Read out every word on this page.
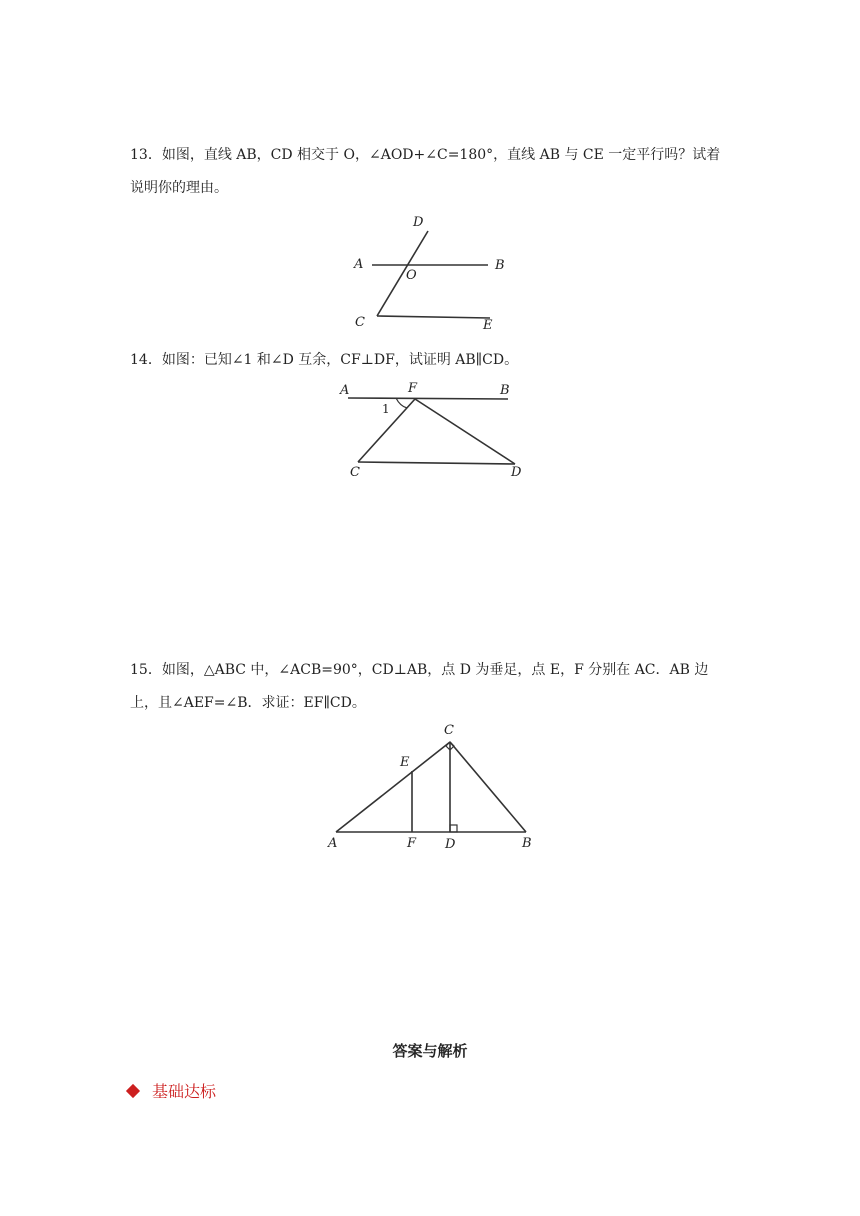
13．如图，直线 AB，CD 相交于 O，∠AOD+∠C=180°，直线 AB 与 CE 一定平行吗？试着
说明你的理由。
D
A
O
B
C	E
14．如图：已知∠1 和∠D 互余，CF⊥DF，试证明 AB∥CD。
A	F	B
1
C	D
15．如图，△ABC 中，∠ACB=90°，CD⊥AB，点 D 为垂足，点 E，F 分别在 AC．AB 边
上，且∠AEF=∠B．求证：EF∥CD。
C
E
A	F D	B
答案与解析
基础达标
